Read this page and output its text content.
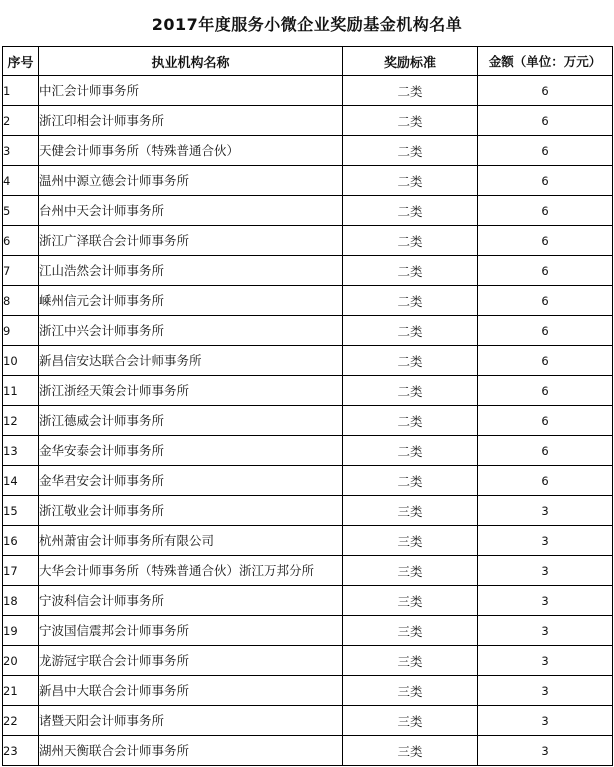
2017年度服务小微企业奖励基金机构名单
序号	执业机构名称	奖励标准	金额（单位：万元）
1	中汇会计师事务所	二类	6
2	浙江印相会计师事务所	二类	6
3	天健会计师事务所（特殊普通合伙）	二类	6
4	温州中源立德会计师事务所	二类	6
5	台州中天会计师事务所	二类	6
6	浙江广泽联合会计师事务所	二类	6
7	江山浩然会计师事务所	二类	6
8	嵊州信元会计师事务所	二类	6
9	浙江中兴会计师事务所	二类	6
10	新昌信安达联合会计师事务所	二类	6
11	浙江浙经天策会计师事务所	二类	6
12	浙江德威会计师事务所	二类	6
13	金华安泰会计师事务所	二类	6
14	金华君安会计师事务所	二类	6
15	浙江敬业会计师事务所	三类	3
16	杭州萧宙会计师事务所有限公司	三类	3
17	大华会计师事务所（特殊普通合伙）浙江万邦分所	三类	3
18	宁波科信会计师事务所	三类	3
19	宁波国信震邦会计师事务所	三类	3
20	龙游冠宇联合会计师事务所	三类	3
21	新昌中大联合会计师事务所	三类	3
22	诸暨天阳会计师事务所	三类	3
23	湖州天衡联合会计师事务所	三类	3
